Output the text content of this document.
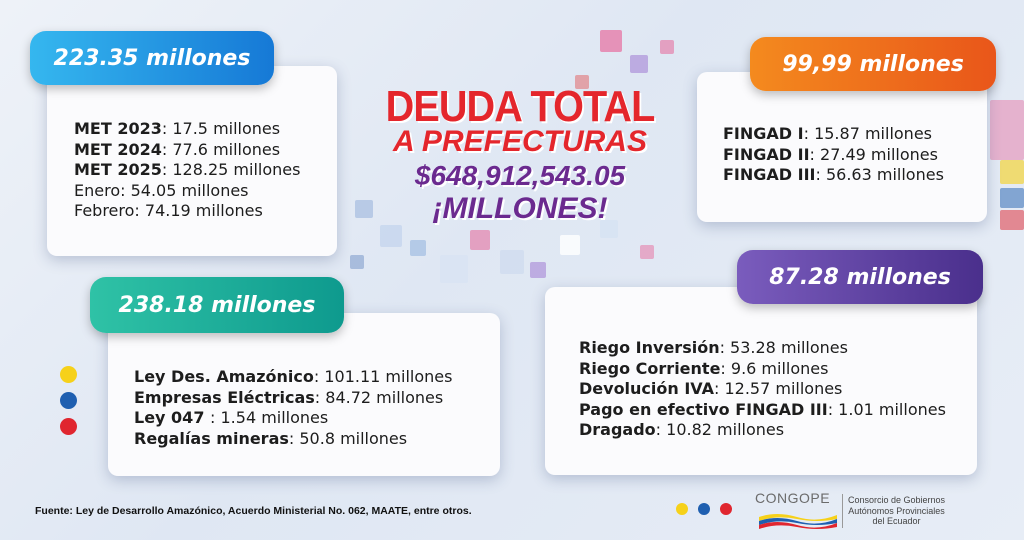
MET 2023: 17.5 millones
MET 2024: 77.6 millones
MET 2025: 128.25 millones
Enero: 54.05 millones
Febrero: 74.19 millones
223.35 millones
FINGAD I: 15.87 millones
FINGAD II: 27.49 millones
FINGAD III: 56.63 millones
99,99 millones
Ley Des. Amazónico: 101.11 millones
Empresas Eléctricas: 84.72 millones
Ley 047 : 1.54 millones
Regalías mineras: 50.8 millones
238.18 millones
Riego Inversión: 53.28 millones
Riego Corriente: 9.6 millones
Devolución IVA: 12.57 millones
Pago en efectivo FINGAD III: 1.01 millones
Dragado: 10.82 millones
87.28 millones
DEUDA TOTAL
A PREFECTURAS
$648,912,543.05
¡MILLONES!
Fuente: Ley de Desarrollo Amazónico, Acuerdo Ministerial No. 062, MAATE, entre otros.
CONGOPE Consorcio de Gobiernos
Autónomos Provinciales
del Ecuador
